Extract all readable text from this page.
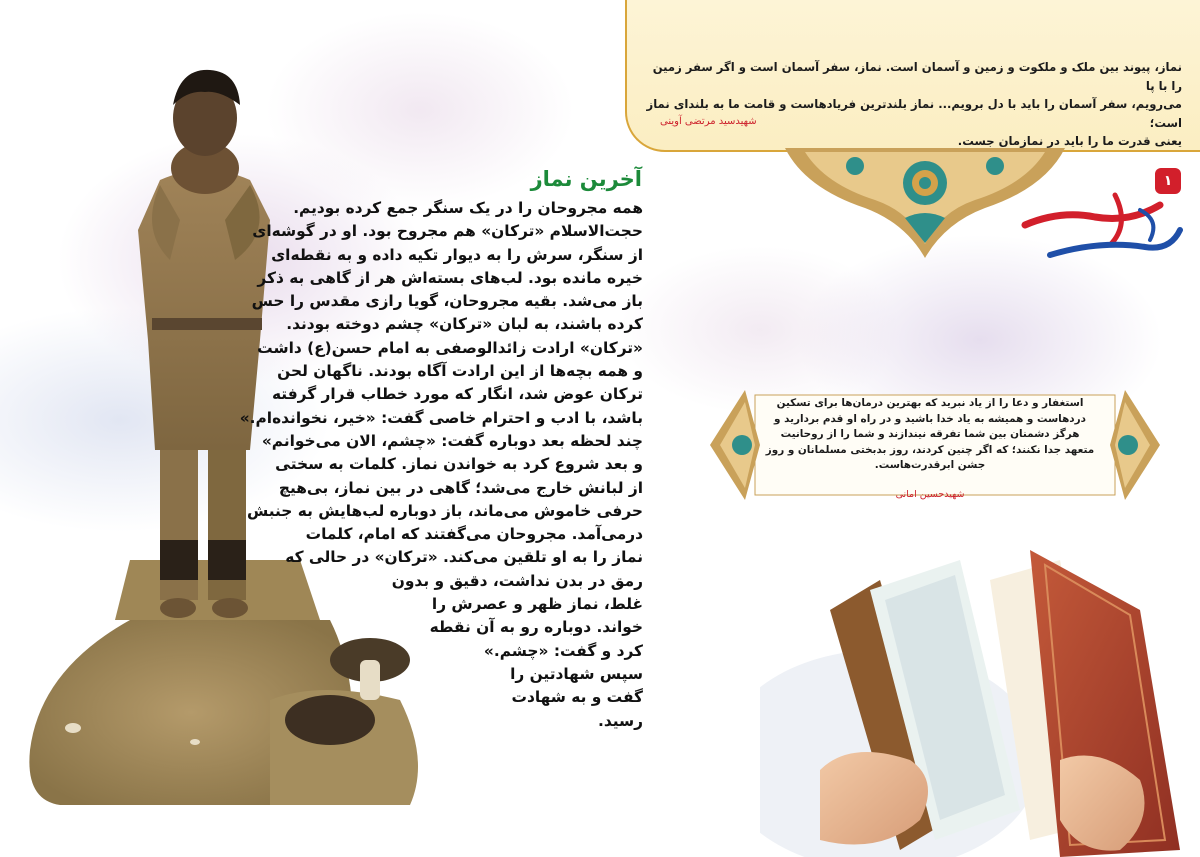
آخرین نماز
همه مجروحان را در یک سنگر جمع کرده بودیم.
حجت‌الاسلام «ترکان» هم مجروح بود. او در گوشه‌ای
از سنگر، سرش را به دیوار تکیه داده و به نقطه‌ای
خیره مانده بود. لب‌های بسته‌اش هر از گاهی به ذکر
باز می‌شد. بقیه مجروحان، گویا رازی مقدس را حس
کرده باشند، به لبان «ترکان» چشم دوخته بودند.
«ترکان» ارادت زائدالوصفی به امام حسن(ع) داشت
و همه بچه‌ها از این ارادت آگاه بودند. ناگهان لحن
ترکان عوض شد، انگار که مورد خطاب قرار گرفته
باشد، با ادب و احترام خاصی گفت: «خیر، نخوانده‌ام.»
چند لحظه بعد دوباره گفت: «چشم، الان می‌خوانم»
و بعد شروع کرد به خواندن نماز. کلمات به سختی
از لبانش خارج می‌شد؛ گاهی در بین نماز، بی‌هیچ
حرفی خاموش می‌ماند، باز دوباره لب‌هایش به جنبش
درمی‌آمد. مجروحان می‌گفتند که امام، کلمات
نماز را به او تلقین می‌کند. «ترکان» در حالی که
رمق در بدن نداشت، دقیق و بدون
غلط، نماز ظهر و عصرش را
خواند. دوباره رو به آن نقطه
کرد و گفت: «چشم.»
سپس شهادتین را
گفت و به شهادت
رسید.
نماز، پیوند بین ملک و ملکوت و زمین و آسمان است. نماز، سفر آسمان است و اگر سفر زمین را با پا
می‌رویم، سفر آسمان را باید با دل برویم... نماز بلندترین فریادهاست و قامت ما به بلندای نماز است؛
یعنی قدرت ما را باید در نمازمان جست.
شهیدسید مرتضی آوینی
۱
استغفار و دعا را از یاد نبرید که بهترین درمان‌ها برای تسکین دردهاست و همیشه به یاد خدا باشید و در راه او قدم بردارید و هرگز دشمنان بین شما تفرقه نیندازند و شما را از روحانیت متعهد جدا نکنند؛ که اگر چنین کردند، روز بدبختی مسلمانان و روز جشن ابرقدرت‌هاست.
شهیدحسین امانی
